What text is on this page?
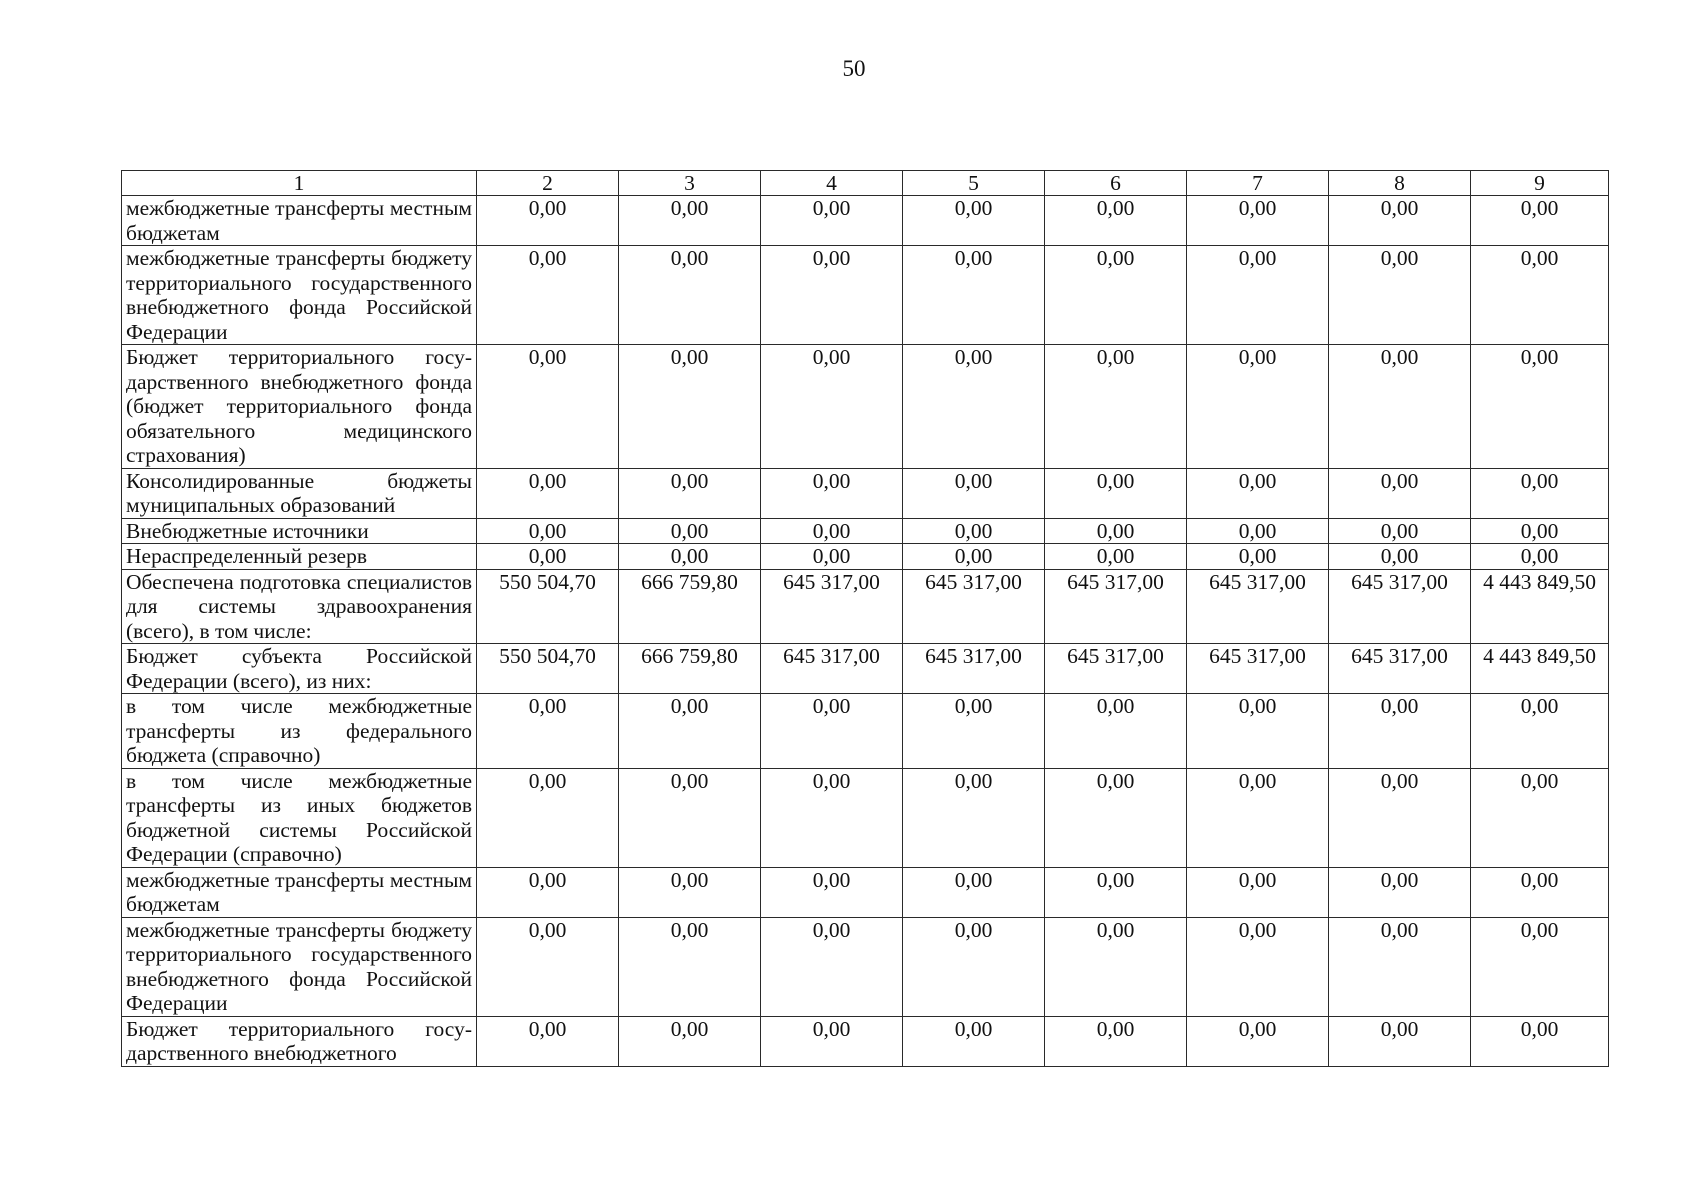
50
1	2	3	4	5	6	7	8	9
межбюджетные трансферты местным бюджетам	0,00	0,00	0,00	0,00	0,00	0,00	0,00	0,00
межбюджетные трансферты бюджету территориального государственного внебюджетного фонда Российской Федерации	0,00	0,00	0,00	0,00	0,00	0,00	0,00	0,00
Бюджет территориального государственного внебюджетного фонда (бюджет территориального фонда обязательного медицинского страхования)	0,00	0,00	0,00	0,00	0,00	0,00	0,00	0,00
Консолидированные бюджеты муниципальных образований	0,00	0,00	0,00	0,00	0,00	0,00	0,00	0,00
Внебюджетные источники	0,00	0,00	0,00	0,00	0,00	0,00	0,00	0,00
Нераспределенный резерв	0,00	0,00	0,00	0,00	0,00	0,00	0,00	0,00
Обеспечена подготовка специалистов для системы здравоохранения (всего), в том числе:	550 504,70	666 759,80	645 317,00	645 317,00	645 317,00	645 317,00	645 317,00	4 443 849,50
Бюджет субъекта Российской Федерации (всего), из них:	550 504,70	666 759,80	645 317,00	645 317,00	645 317,00	645 317,00	645 317,00	4 443 849,50
в том числе межбюджетные трансферты из федерального бюджета (справочно)	0,00	0,00	0,00	0,00	0,00	0,00	0,00	0,00
в том числе межбюджетные трансферты из иных бюджетов бюджетной системы Российской Федерации (справочно)	0,00	0,00	0,00	0,00	0,00	0,00	0,00	0,00
межбюджетные трансферты местным бюджетам	0,00	0,00	0,00	0,00	0,00	0,00	0,00	0,00
межбюджетные трансферты бюджету территориального государственного внебюджетного фонда Российской Федерации	0,00	0,00	0,00	0,00	0,00	0,00	0,00	0,00
Бюджет территориального государственного внебюджетного	0,00	0,00	0,00	0,00	0,00	0,00	0,00	0,00
